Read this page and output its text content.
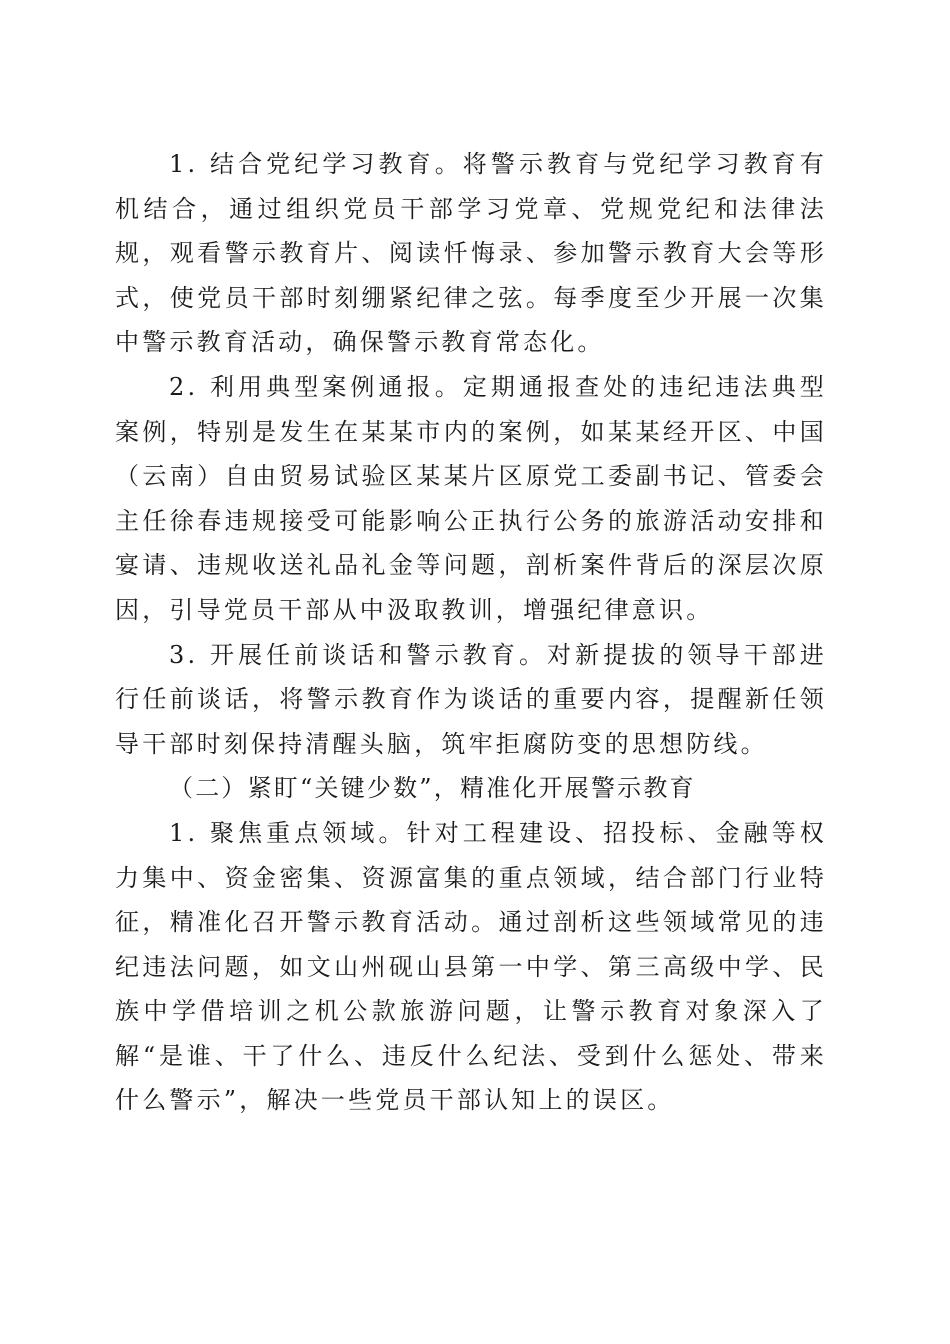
1. 结合党纪学习教育。将警示教育与党纪学习教育有机结合，通过组织党员干部学习党章、党规党纪和法律法规，观看警示教育片、阅读忏悔录、参加警示教育大会等形式，使党员干部时刻绷紧纪律之弦。每季度至少开展一次集中警示教育活动，确保警示教育常态化。

2. 利用典型案例通报。定期通报查处的违纪违法典型案例，特别是发生在某某市内的案例，如某某经开区、中国（云南）自由贸易试验区某某片区原党工委副书记、管委会主任徐春违规接受可能影响公正执行公务的旅游活动安排和宴请、违规收送礼品礼金等问题，剖析案件背后的深层次原因，引导党员干部从中汲取教训，增强纪律意识。

3. 开展任前谈话和警示教育。对新提拔的领导干部进行任前谈话，将警示教育作为谈话的重要内容，提醒新任领导干部时刻保持清醒头脑，筑牢拒腐防变的思想防线。

（二）紧盯“关键少数”，精准化开展警示教育

1. 聚焦重点领域。针对工程建设、招投标、金融等权力集中、资金密集、资源富集的重点领域，结合部门行业特征，精准化召开警示教育活动。通过剖析这些领域常见的违纪违法问题，如文山州砚山县第一中学、第三高级中学、民族中学借培训之机公款旅游问题，让警示教育对象深入了解“是谁、干了什么、违反什么纪法、受到什么惩处、带来什么警示”，解决一些党员干部认知上的误区。
